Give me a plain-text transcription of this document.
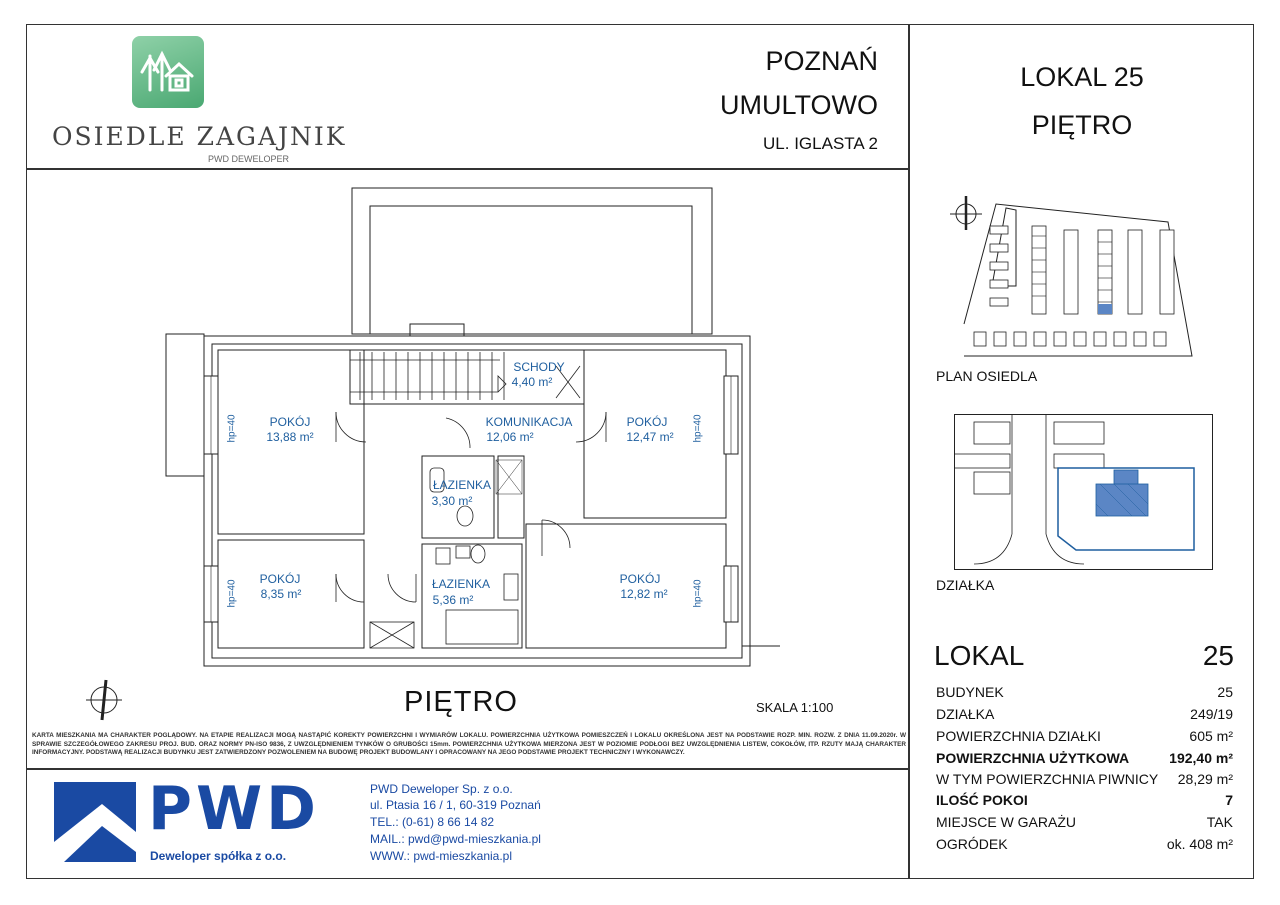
OSIEDLE ZAGAJNIK
PWD DEWELOPER
POZNAŃ
UMULTOWO
UL. IGLASTA 2
LOKAL 25
PIĘTRO
PLAN OSIEDLA
DZIAŁKA
SCHODY
4,40 m²
KOMUNIKACJA
12,06 m²
POKÓJ
13,88 m²
POKÓJ
12,47 m²
ŁAZIENKA
3,30 m²
POKÓJ
8,35 m²
ŁAZIENKA
5,36 m²
POKÓJ
12,82 m²
hp=40
hp=40
hp=40
hp=40
PIĘTRO	SKALA 1:100
KARTA MIESZKANIA MA CHARAKTER POGLĄDOWY. NA ETAPIE REALIZACJI MOGĄ NASTĄPIĆ KOREKTY POWIERZCHNI I WYMIARÓW LOKALU. POWIERZCHNIA UŻYTKOWA POMIESZCZEŃ I LOKALU OKREŚLONA JEST NA PODSTAWIE ROZP. MIN. ROZW. Z DNIA 11.09.2020r. W SPRAWIE SZCZEGÓŁOWEGO ZAKRESU PROJ. BUD. ORAZ NORMY PN-ISO 9836, Z UWZGLĘDNIENIEM TYNKÓW O GRUBOŚCI 15mm. POWIERZCHNIA UŻYTKOWA MIERZONA JEST W POZIOMIE PODŁOGI BEZ UWZGLĘDNIENIA LISTEW, COKOŁÓW, ITP. RZUTY MAJĄ CHARAKTER INFORMACYJNY. PODSTAWĄ REALIZACJI BUDYNKU JEST ZATWIERDZONY POZWOLENIEM NA BUDOWĘ PROJEKT BUDOWLANY I OPRACOWANY NA JEGO PODSTAWIE PROJEKT TECHNICZNY I WYKONAWCZY.
PWD
Deweloper spółka z o.o.
PWD Deweloper Sp. z o.o.
ul. Ptasia 16 / 1, 60-319 Poznań
TEL.: (0-61) 8 66 14 82
MAIL.: pwd@pwd-mieszkania.pl
WWW.: pwd-mieszkania.pl
LOKAL	25
BUDYNEK	25
DZIAŁKA	249/19
POWIERZCHNIA DZIAŁKI	605 m²
POWIERZCHNIA UŻYTKOWA	192,40 m²
W TYM POWIERZCHNIA PIWNICY 28,29 m²
ILOŚĆ POKOI	7
MIEJSCE W GARAŻU	TAK
OGRÓDEK	ok. 408 m²
